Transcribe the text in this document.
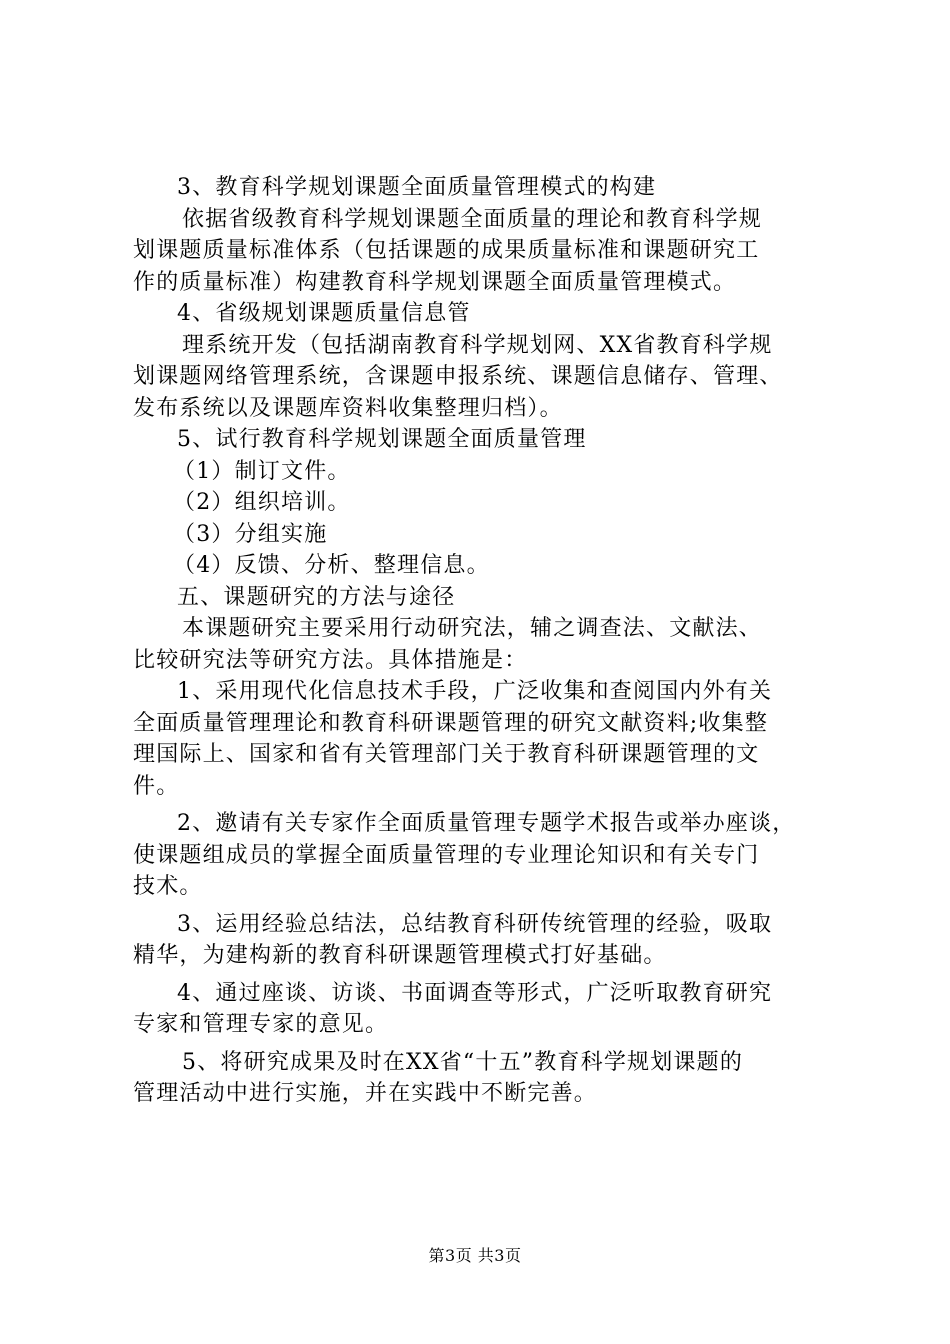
3、教育科学规划课题全面质量管理模式的构建
依据省级教育科学规划课题全面质量的理论和教育科学规
划课题质量标准体系（包括课题的成果质量标准和课题研究工
作的质量标准）构建教育科学规划课题全面质量管理模式。
4、省级规划课题质量信息管
理系统开发（包括湖南教育科学规划网、XX省教育科学规
划课题网络管理系统，含课题申报系统、课题信息储存、管理、
发布系统以及课题库资料收集整理归档）。
5、试行教育科学规划课题全面质量管理
（1）制订文件。
（2）组织培训。
（3）分组实施
（4）反馈、分析、整理信息。
五、课题研究的方法与途径
本课题研究主要采用行动研究法，辅之调查法、文献法、
比较研究法等研究方法。具体措施是：
1、采用现代化信息技术手段，广泛收集和查阅国内外有关
全面质量管理理论和教育科研课题管理的研究文献资料;收集整
理国际上、国家和省有关管理部门关于教育科研课题管理的文
件。
2、邀请有关专家作全面质量管理专题学术报告或举办座谈，
使课题组成员的掌握全面质量管理的专业理论知识和有关专门
技术。
3、运用经验总结法，总结教育科研传统管理的经验，吸取
精华，为建构新的教育科研课题管理模式打好基础。
4、通过座谈、访谈、书面调查等形式，广泛听取教育研究
专家和管理专家的意见。
5、将研究成果及时在XX省“十五”教育科学规划课题的
管理活动中进行实施，并在实践中不断完善。
第3页 共3页
